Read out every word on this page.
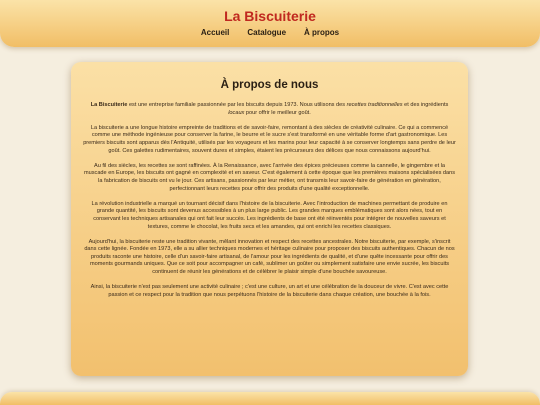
La Biscuiterie
Accueil Catalogue À propos
À propos de nous

La Biscuiterie est une entreprise familiale passionnée par les biscuits depuis 1973. Nous utilisons des recettes traditionnelles et des ingrédients locaux pour offrir le meilleur goût.

La biscuiterie a une longue histoire empreinte de traditions et de savoir-faire, remontant à des siècles de créativité culinaire. Ce qui a commencé comme une méthode ingénieuse pour conserver la farine, le beurre et le sucre s'est transformé en une véritable forme d'art gastronomique. Les premiers biscuits sont apparus dès l'Antiquité, utilisés par les voyageurs et les marins pour leur capacité à se conserver longtemps sans perdre de leur goût. Ces galettes rudimentaires, souvent dures et simples, étaient les précurseurs des délices que nous connaissons aujourd'hui.

Au fil des siècles, les recettes se sont raffinées. À la Renaissance, avec l'arrivée des épices précieuses comme la cannelle, le gingembre et la muscade en Europe, les biscuits ont gagné en complexité et en saveur. C'est également à cette époque que les premières maisons spécialisées dans la fabrication de biscuits ont vu le jour. Ces artisans, passionnés par leur métier, ont transmis leur savoir-faire de génération en génération, perfectionnant leurs recettes pour offrir des produits d'une qualité exceptionnelle.

La révolution industrielle a marqué un tournant décisif dans l'histoire de la biscuiterie. Avec l'introduction de machines permettant de produire en grande quantité, les biscuits sont devenus accessibles à un plus large public. Les grandes marques emblématiques sont alors nées, tout en conservant les techniques artisanales qui ont fait leur succès. Les ingrédients de base ont été réinventés pour intégrer de nouvelles saveurs et textures, comme le chocolat, les fruits secs et les amandes, qui ont enrichi les recettes classiques.

Aujourd'hui, la biscuiterie reste une tradition vivante, mêlant innovation et respect des recettes ancestrales. Notre biscuiterie, par exemple, s'inscrit dans cette lignée. Fondée en 1973, elle a su allier techniques modernes et héritage culinaire pour proposer des biscuits authentiques. Chacun de nos produits raconte une histoire, celle d'un savoir-faire artisanal, de l'amour pour les ingrédients de qualité, et d'une quête incessante pour offrir des moments gourmands uniques. Que ce soit pour accompagner un café, sublimer un goûter ou simplement satisfaire une envie sucrée, les biscuits continuent de réunir les générations et de célébrer le plaisir simple d'une bouchée savoureuse.

Ainsi, la biscuiterie n'est pas seulement une activité culinaire ; c'est une culture, un art et une célébration de la douceur de vivre. C'est avec cette passion et ce respect pour la tradition que nous perpétuons l'histoire de la biscuiterie dans chaque création, une bouchée à la fois.
